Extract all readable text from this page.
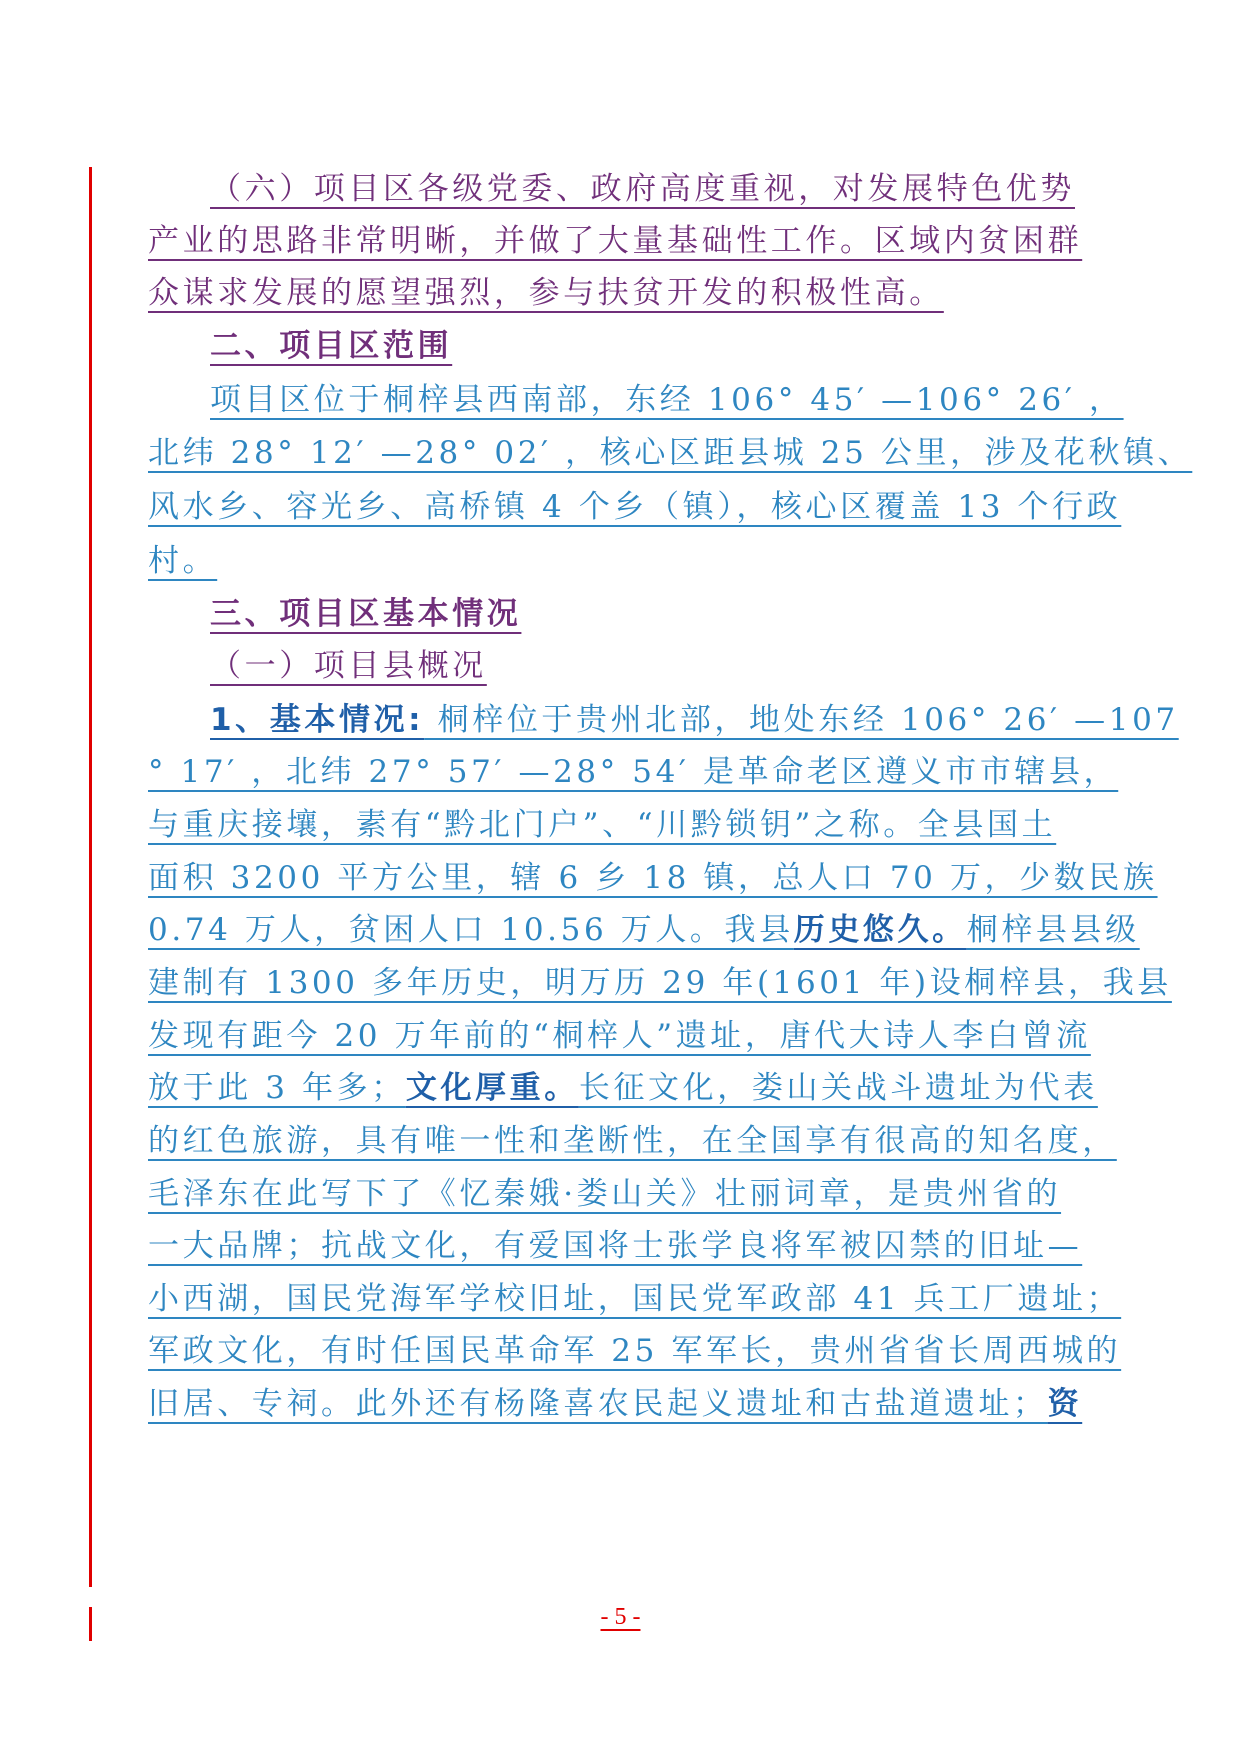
（六）项目区各级党委、政府高度重视，对发展特色优势
产业的思路非常明晰，并做了大量基础性工作。区域内贫困群
众谋求发展的愿望强烈，参与扶贫开发的积极性高。
二、项目区范围
项目区位于桐梓县西南部，东经 106° 45′ —106° 26′ ，
北纬 28° 12′ —28° 02′ ，核心区距县城 25 公里，涉及花秋镇、
风水乡、容光乡、高桥镇 4 个乡（镇），核心区覆盖 13 个行政
村。
三、项目区基本情况
（一）项目县概况
1、基本情况: 桐梓位于贵州北部，地处东经 106° 26′ —107
° 17′ ，北纬 27° 57′ —28° 54′ 是革命老区遵义市市辖县，
与重庆接壤，素有“黔北门户”、“川黔锁钥”之称。全县国土
面积 3200 平方公里，辖 6 乡 18 镇，总人口 70 万，少数民族
0.74 万人，贫困人口 10.56 万人。我县历史悠久。桐梓县县级
建制有 1300 多年历史，明万历 29 年(1601 年)设桐梓县，我县
发现有距今 20 万年前的“桐梓人”遗址，唐代大诗人李白曾流
放于此 3 年多；文化厚重。长征文化，娄山关战斗遗址为代表
的红色旅游，具有唯一性和垄断性，在全国享有很高的知名度，
毛泽东在此写下了《忆秦娥·娄山关》壮丽词章，是贵州省的
一大品牌；抗战文化，有爱国将士张学良将军被囚禁的旧址—
小西湖，国民党海军学校旧址，国民党军政部 41 兵工厂遗址；
军政文化，有时任国民革命军 25 军军长，贵州省省长周西城的
旧居、专祠。此外还有杨隆喜农民起义遗址和古盐道遗址；资
- 5 -
